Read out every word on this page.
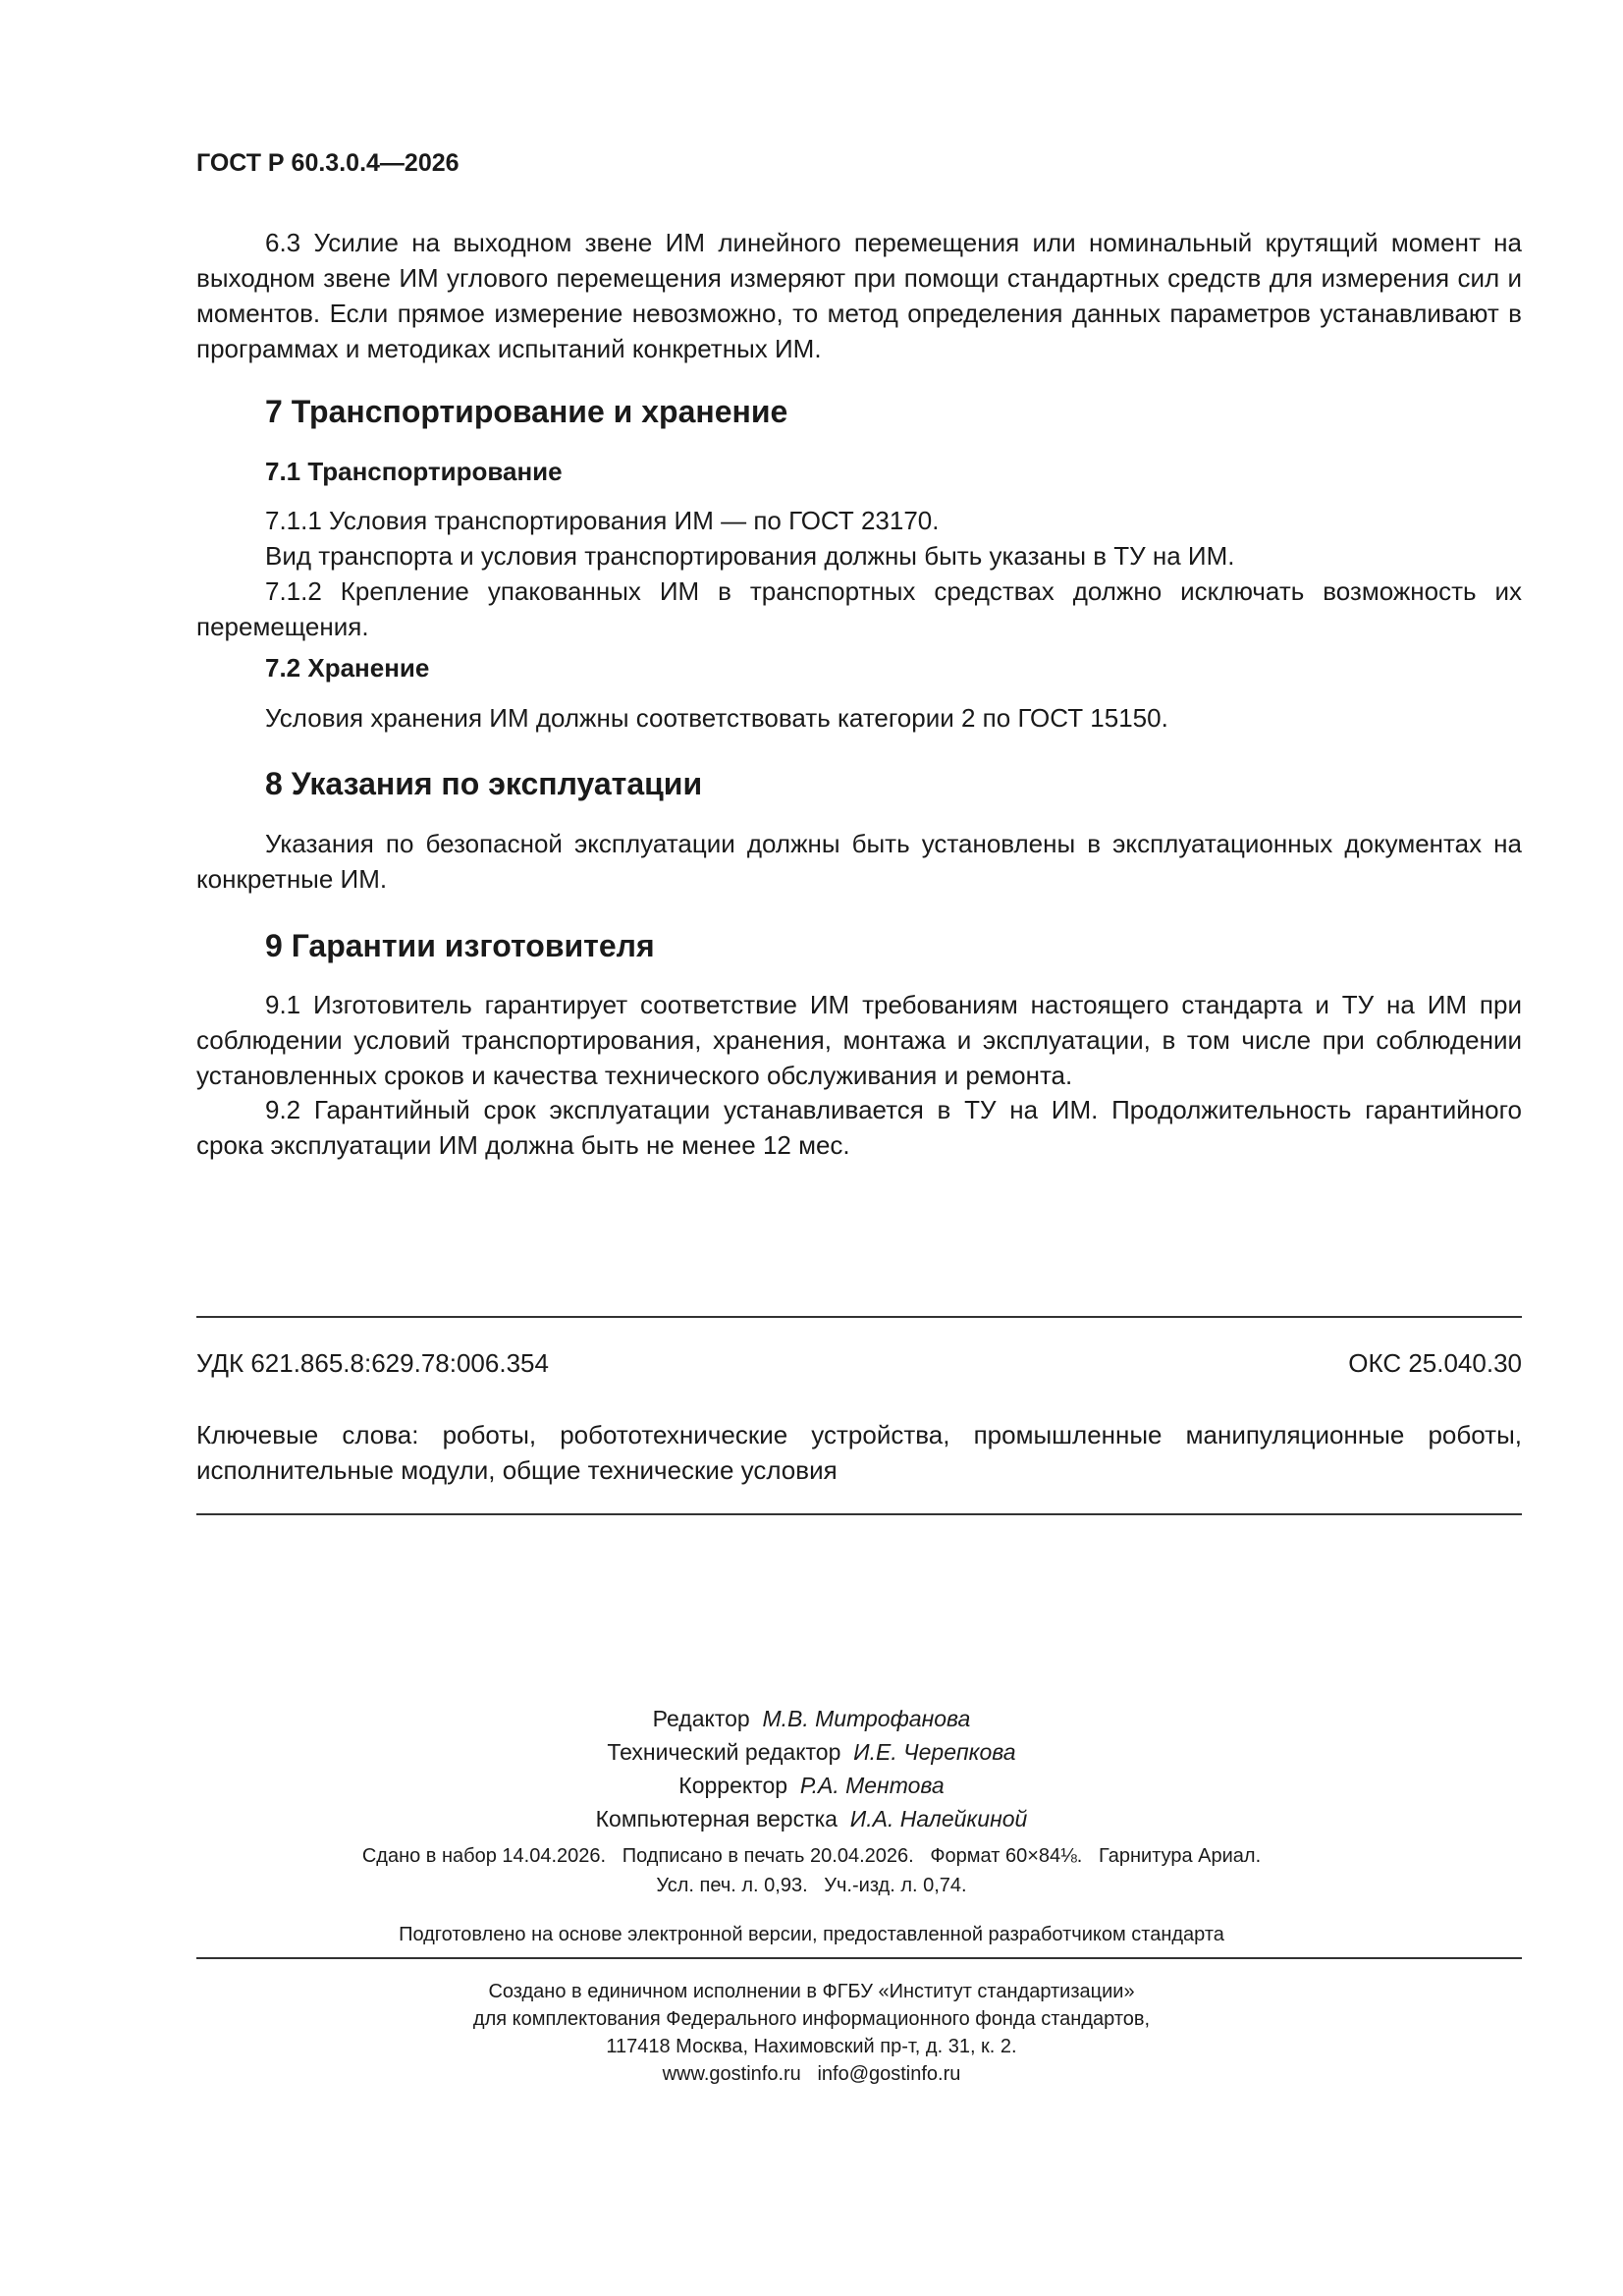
ГОСТ Р 60.3.0.4—2026

6.3 Усилие на выходном звене ИМ линейного перемещения или номинальный крутящий момент на выходном звене ИМ углового перемещения измеряют при помощи стандартных средств для измерения сил и моментов. Если прямое измерение невозможно, то метод определения данных параметров устанавливают в программах и методиках испытаний конкретных ИМ.

7 Транспортирование и хранение
7.1 Транспортирование

7.1.1 Условия транспортирования ИМ — по ГОСТ 23170.

Вид транспорта и условия транспортирования должны быть указаны в ТУ на ИМ.

7.1.2 Крепление упакованных ИМ в транспортных средствах должно исключать возможность их перемещения.

7.2 Хранение

Условия хранения ИМ должны соответствовать категории 2 по ГОСТ 15150.

8 Указания по эксплуатации

Указания по безопасной эксплуатации должны быть установлены в эксплуатационных документах на конкретные ИМ.

9 Гарантии изготовителя

9.1 Изготовитель гарантирует соответствие ИМ требованиям настоящего стандарта и ТУ на ИМ при соблюдении условий транспортирования, хранения, монтажа и эксплуатации, в том числе при соблюдении установленных сроков и качества технического обслуживания и ремонта.

9.2 Гарантийный срок эксплуатации устанавливается в ТУ на ИМ. Продолжительность гарантийного срока эксплуатации ИМ должна быть не менее 12 мес.

УДК 621.865.8:629.78:006.354	ОКС 25.040.30
Ключевые слова: роботы, робототехнические устройства, промышленные манипуляционные роботы, исполнительные модули, общие технические условия
Редактор М.В. Митрофанова
Технический редактор И.Е. Черепкова
Корректор Р.А. Ментова
Компьютерная верстка И.А. Налейкиной
Сдано в набор 14.04.2026.   Подписано в печать 20.04.2026.   Формат 60×84⅛.   Гарнитура Ариал.
Усл. печ. л. 0,93.   Уч.-изд. л. 0,74.
Подготовлено на основе электронной версии, предоставленной разработчиком стандарта
Создано в единичном исполнении в ФГБУ «Институт стандартизации»
для комплектования Федерального информационного фонда стандартов,
117418 Москва, Нахимовский пр-т, д. 31, к. 2.
www.gostinfo.ru   info@gostinfo.ru
